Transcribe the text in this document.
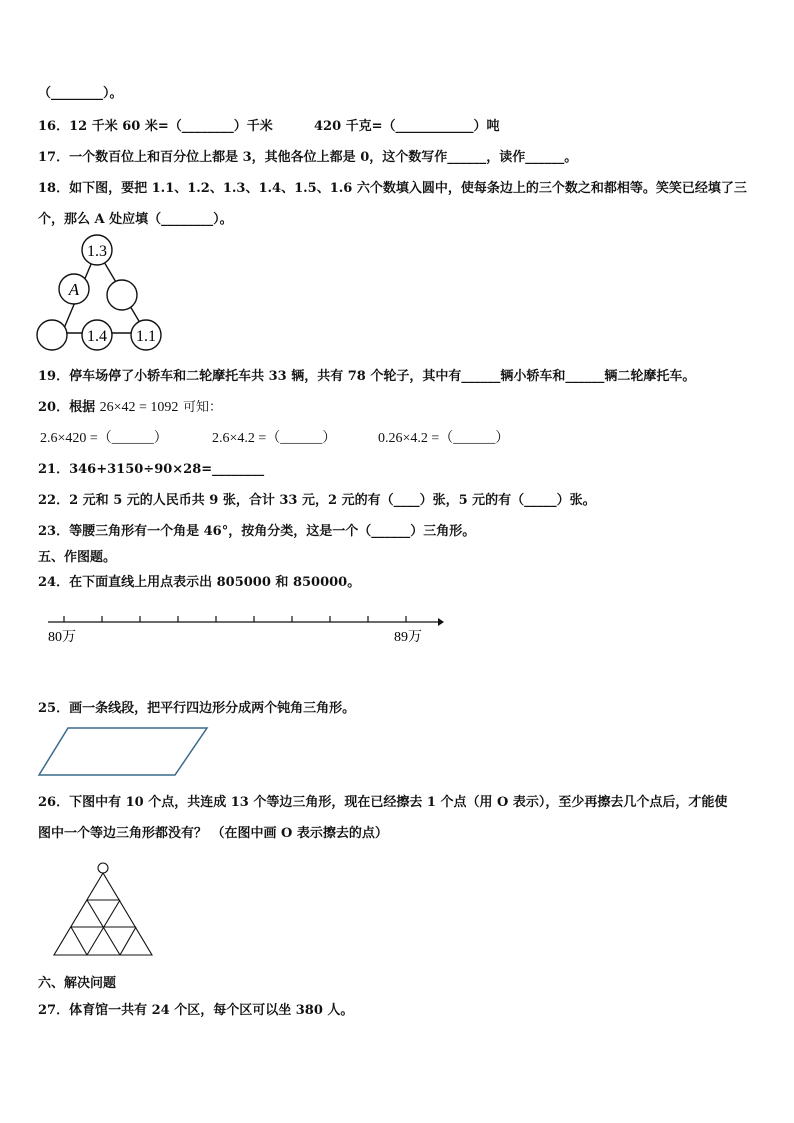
（________）。
16．12 千米 60 米=（________）千米	420 千克=（____________）吨
17．一个数百位上和百分位上都是 3，其他各位上都是 0，这个数写作______，读作______。
18．如下图，要把 1.1、1.2、1.3、1.4、1.5、1.6 六个数填入圆中，使每条边上的三个数之和都相等。笑笑已经填了三
个，那么 A 处应填（________）。
1.3
A
1.4 1.1
19．停车场停了小轿车和二轮摩托车共 33 辆，共有 78 个轮子，其中有______辆小轿车和______辆二轮摩托车。
20．根据 26×42 = 1092 可知：
2.6×420 =（______）	2.6×4.2 =（______）	0.26×4.2 =（______）
21．346+3150÷90×28=________
22．2 元和 5 元的人民币共 9 张，合计 33 元，2 元的有（____）张，5 元的有（_____）张。
23．等腰三角形有一个角是 46°，按角分类，这是一个（______）三角形。
五、作图题。
24．在下面直线上用点表示出 805000 和 850000。
80万	89万
25．画一条线段，把平行四边形分成两个钝角三角形。
26．下图中有 10 个点，共连成 13 个等边三角形，现在已经擦去 1 个点（用 O 表示），至少再擦去几个点后，才能使
图中一个等边三角形都没有？ （在图中画 O 表示擦去的点）
六、解决问题
27．体育馆一共有 24 个区，每个区可以坐 380 人。
